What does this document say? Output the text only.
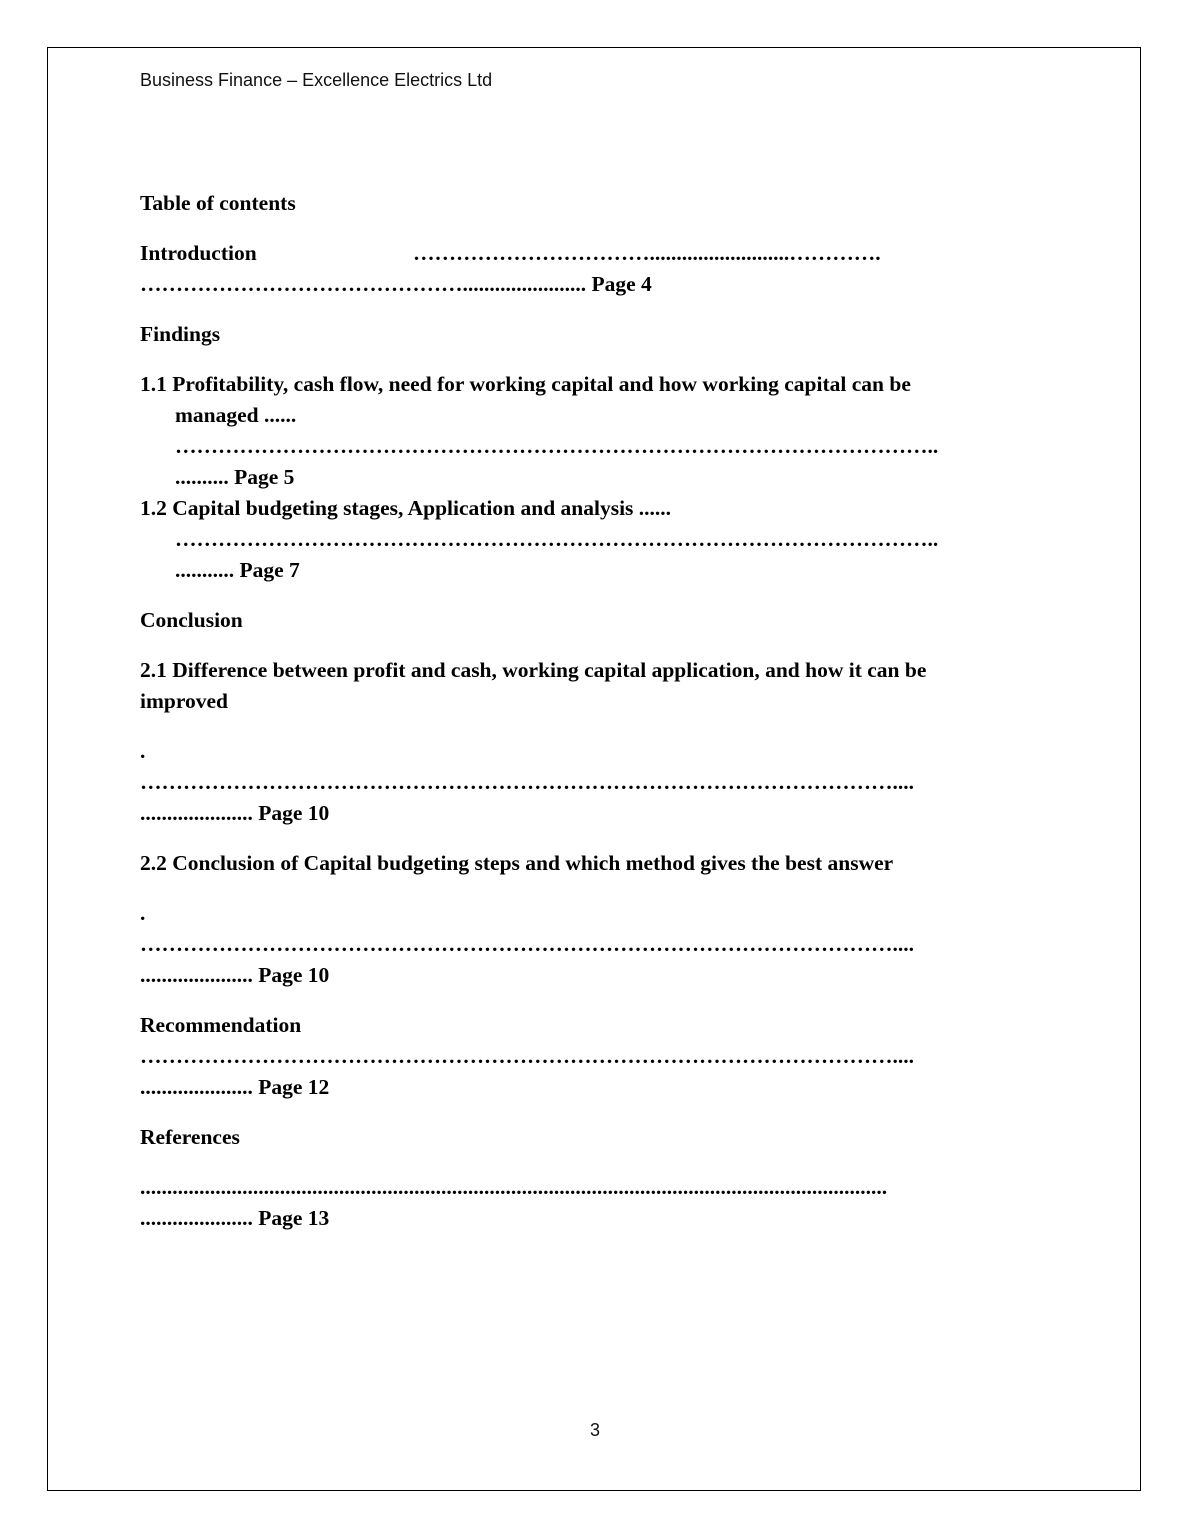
Business Finance – Excellence Electrics Ltd

Table of contents

Introduction	……………………………..........................………….

………………………………………....................... Page 4

Findings

1.1 Profitability, cash flow, need for working capital and how working capital can be

managed ......

……………………………………………………………………………………………..

.......... Page 5

1.2 Capital budgeting stages, Application and analysis ......

……………………………………………………………………………………………..

........... Page 7

Conclusion

2.1 Difference between profit and cash, working capital application, and how it can be

improved

.

……………………………………………………………………………………………....

..................... Page 10

2.2 Conclusion of Capital budgeting steps and which method gives the best answer

.

……………………………………………………………………………………………....

..................... Page 10

Recommendation

……………………………………………………………………………………………....

..................... Page 12

References

...........................................................................................................................................

..................... Page 13

3
